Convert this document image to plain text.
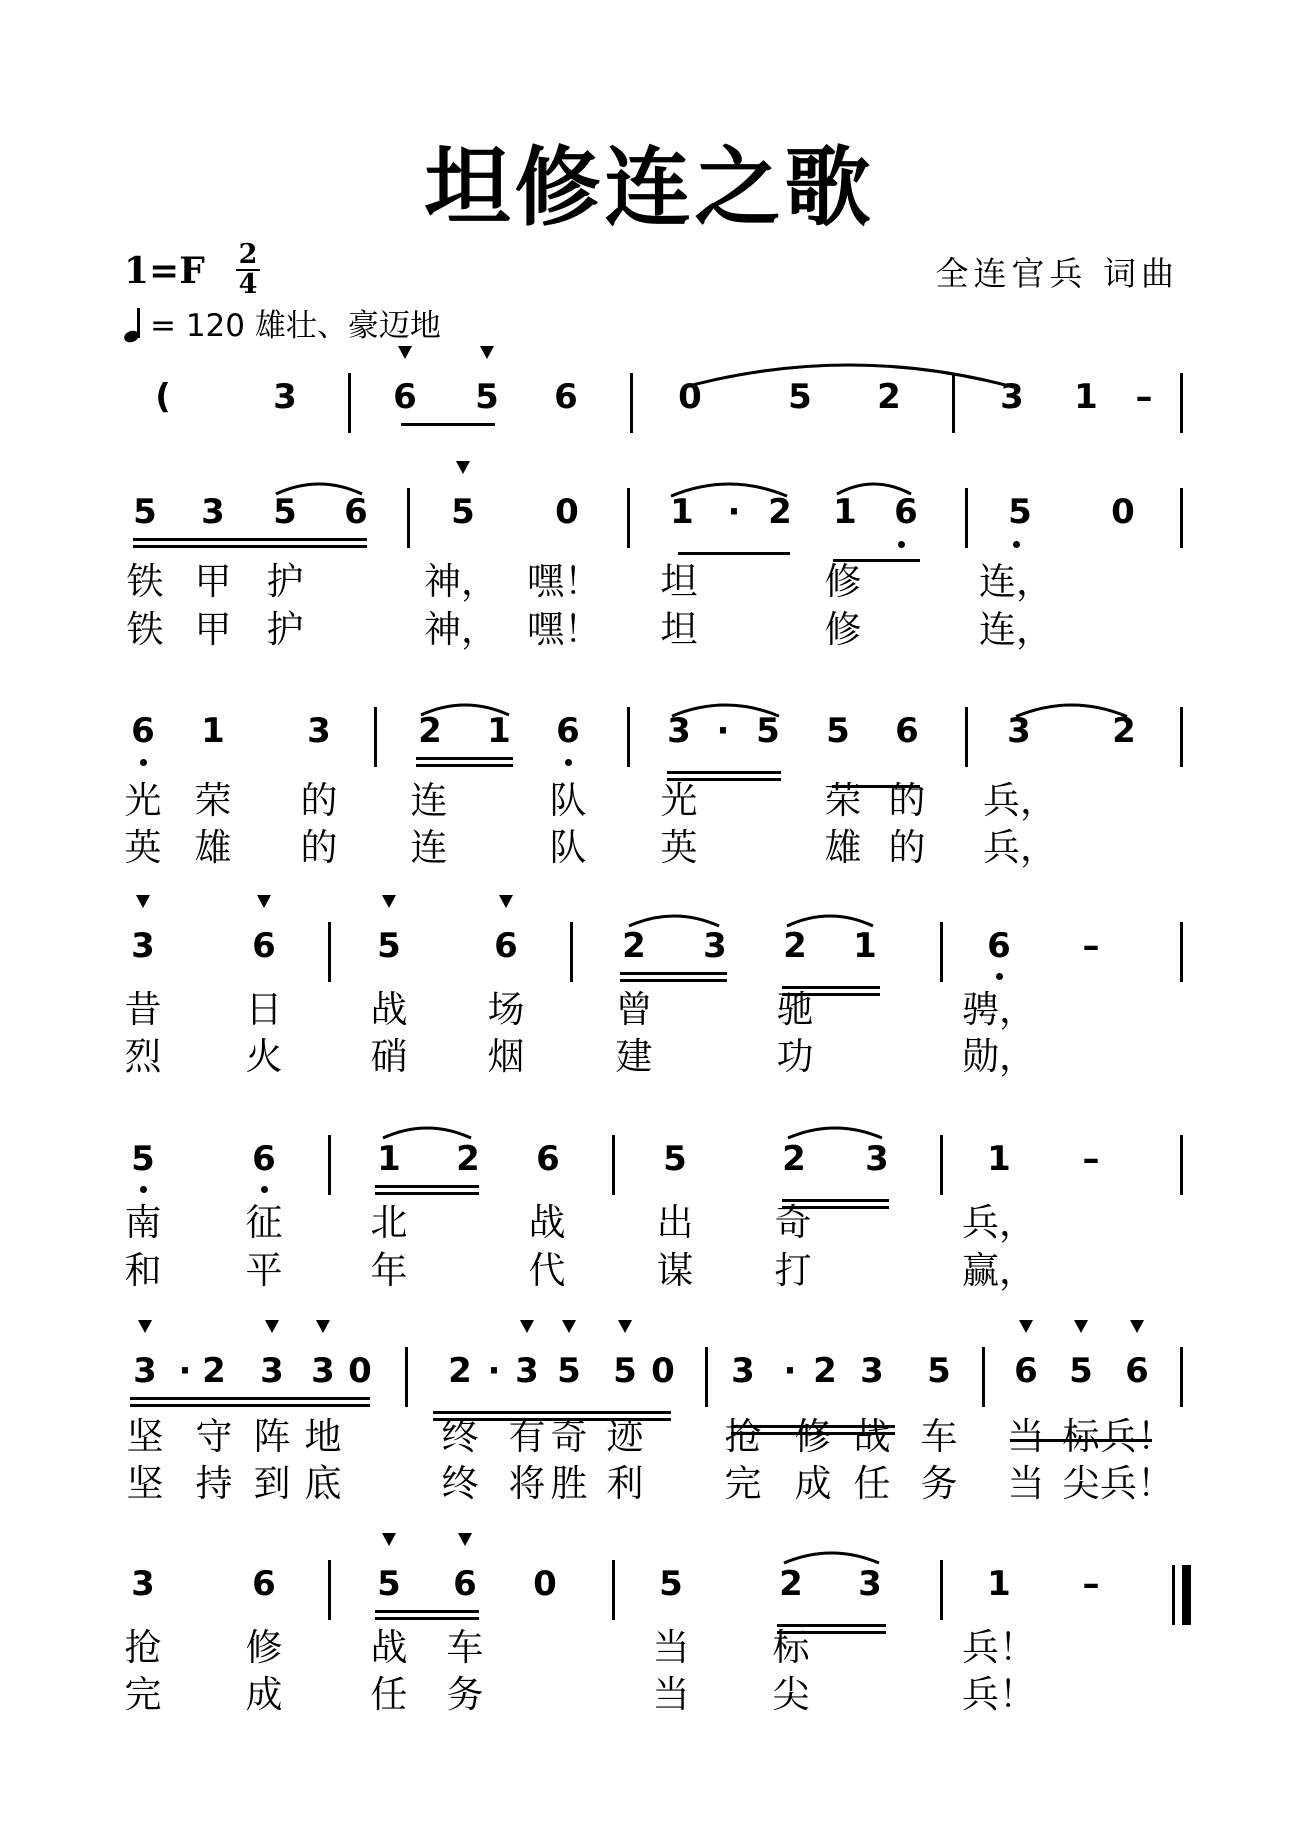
坦修连之歌
1=F 2
4	全连官兵 词曲
= 120 雄壮、豪迈地
(	3	6 5 6	0	5 2	3 1 –
5 3 5 6 5 0	1 · 2 1 6	5 0
铁 甲 护	神， 嘿！ 坦	修	连，
铁 甲 护	神， 嘿！ 坦	修	连，
6 1 3	2 1 6	3 · 5 5 6	3 2
光 荣 的 连	队 光	荣 的 兵，
英 雄 的 连	队 英	雄 的 兵，
3	6	5	6	2 3 2 1	6 –
昔 日 战 场 曾	驰	骋，
烈 火 硝 烟 建	功	勋，
5	6	1 2 6	5	2 3	1 –
南 征 北	战 出 奇	兵，
和 平 年	代 谋 打	赢，
3 · 2 3 3 0 2 · 3 5 5 0 3 · 2 3 5 6 5 6
坚 守 阵 地	终 有 奇 迹 抢 修 战 车 当 标 兵！
坚 持 到 底	终 将 胜 利 完 成 任 务 当 尖 兵！
3	6	5 6 0	5	2 3	1 –
抢 修 战 车	当 标	兵！
完 成 任 务	当 尖	兵！
